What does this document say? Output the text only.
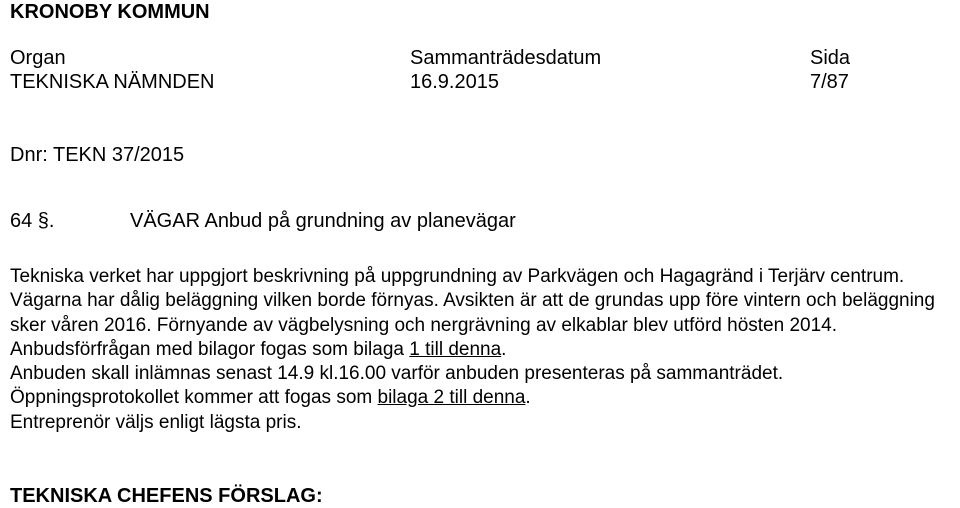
KRONOBY KOMMUN
Organ	Sammanträdesdatum	Sida
TEKNISKA NÄMNDEN	16.9.2015	7/87
Dnr: TEKN 37/2015
64 §.	VÄGAR Anbud på grundning av planevägar

Tekniska verket har uppgjort beskrivning på uppgrundning av Parkvägen och Hagagränd i Terjärv centrum. Vägarna har dålig beläggning vilken borde förnyas. Avsikten är att de grundas upp före vintern och beläggning sker våren 2016. Förnyande av vägbelysning och nergrävning av elkablar blev utförd hösten 2014.

Anbudsförfrågan med bilagor fogas som bilaga 1 till denna.

Anbuden skall inlämnas senast 14.9 kl.16.00 varför anbuden presenteras på sammanträdet.

Öppningsprotokollet kommer att fogas som bilaga 2 till denna.

Entreprenör väljs enligt lägsta pris.

TEKNISKA CHEFENS FÖRSLAG:
